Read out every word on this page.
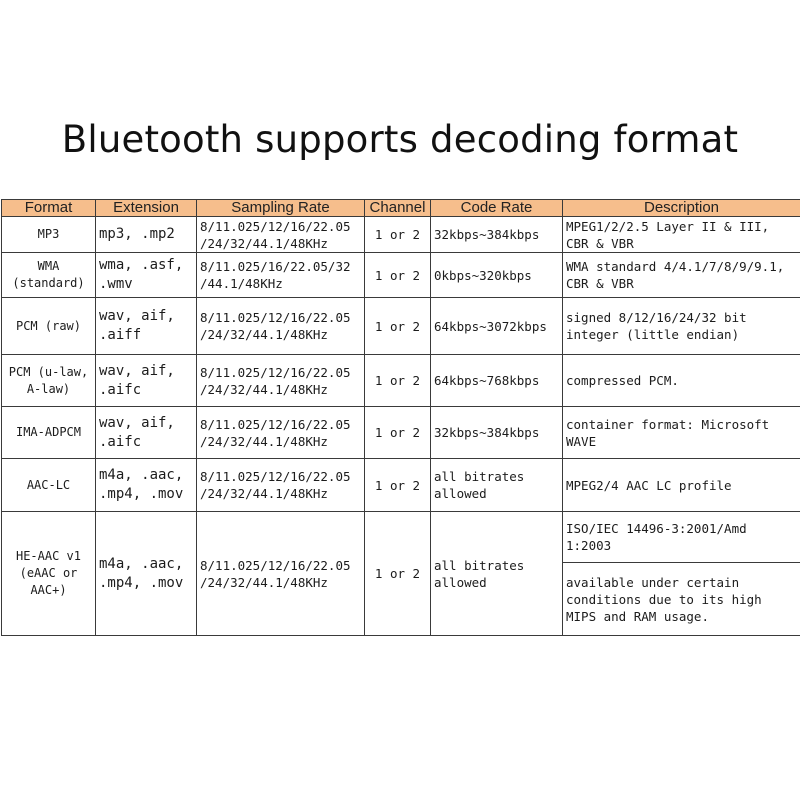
Bluetooth supports decoding format
Format	Extension	Sampling Rate	Channel	Code Rate	Description
MP3	mp3, .mp2	8/11.025/12/16/22.05 /24/32/44.1/48KHz	1 or 2	32kbps~384kbps	MPEG1/2/2.5 Layer II & III, CBR & VBR
WMA (standard)	wma, .asf, .wmv	8/11.025/16/22.05/32 /44.1/48KHz	1 or 2	0kbps~320kbps	WMA standard 4/4.1/7/8/9/9.1, CBR & VBR
PCM (raw)	wav, aif, .aiff	8/11.025/12/16/22.05 /24/32/44.1/48KHz	1 or 2	64kbps~3072kbps	signed 8/12/16/24/32 bit integer (little endian)
PCM (u-law, A-law)	wav, aif, .aifc	8/11.025/12/16/22.05 /24/32/44.1/48KHz	1 or 2	64kbps~768kbps	compressed PCM.
IMA-ADPCM	wav, aif, .aifc	8/11.025/12/16/22.05 /24/32/44.1/48KHz	1 or 2	32kbps~384kbps	container format: Microsoft WAVE
AAC-LC	m4a, .aac, .mp4, .mov	8/11.025/12/16/22.05 /24/32/44.1/48KHz	1 or 2	all bitrates allowed	MPEG2/4 AAC LC profile
HE-AAC v1 (eAAC or AAC+)	m4a, .aac, .mp4, .mov	8/11.025/12/16/22.05 /24/32/44.1/48KHz	1 or 2	all bitrates allowed	ISO/IEC 14496-3:2001/Amd 1:2003
					available under certain conditions due to its high MIPS and RAM usage.
